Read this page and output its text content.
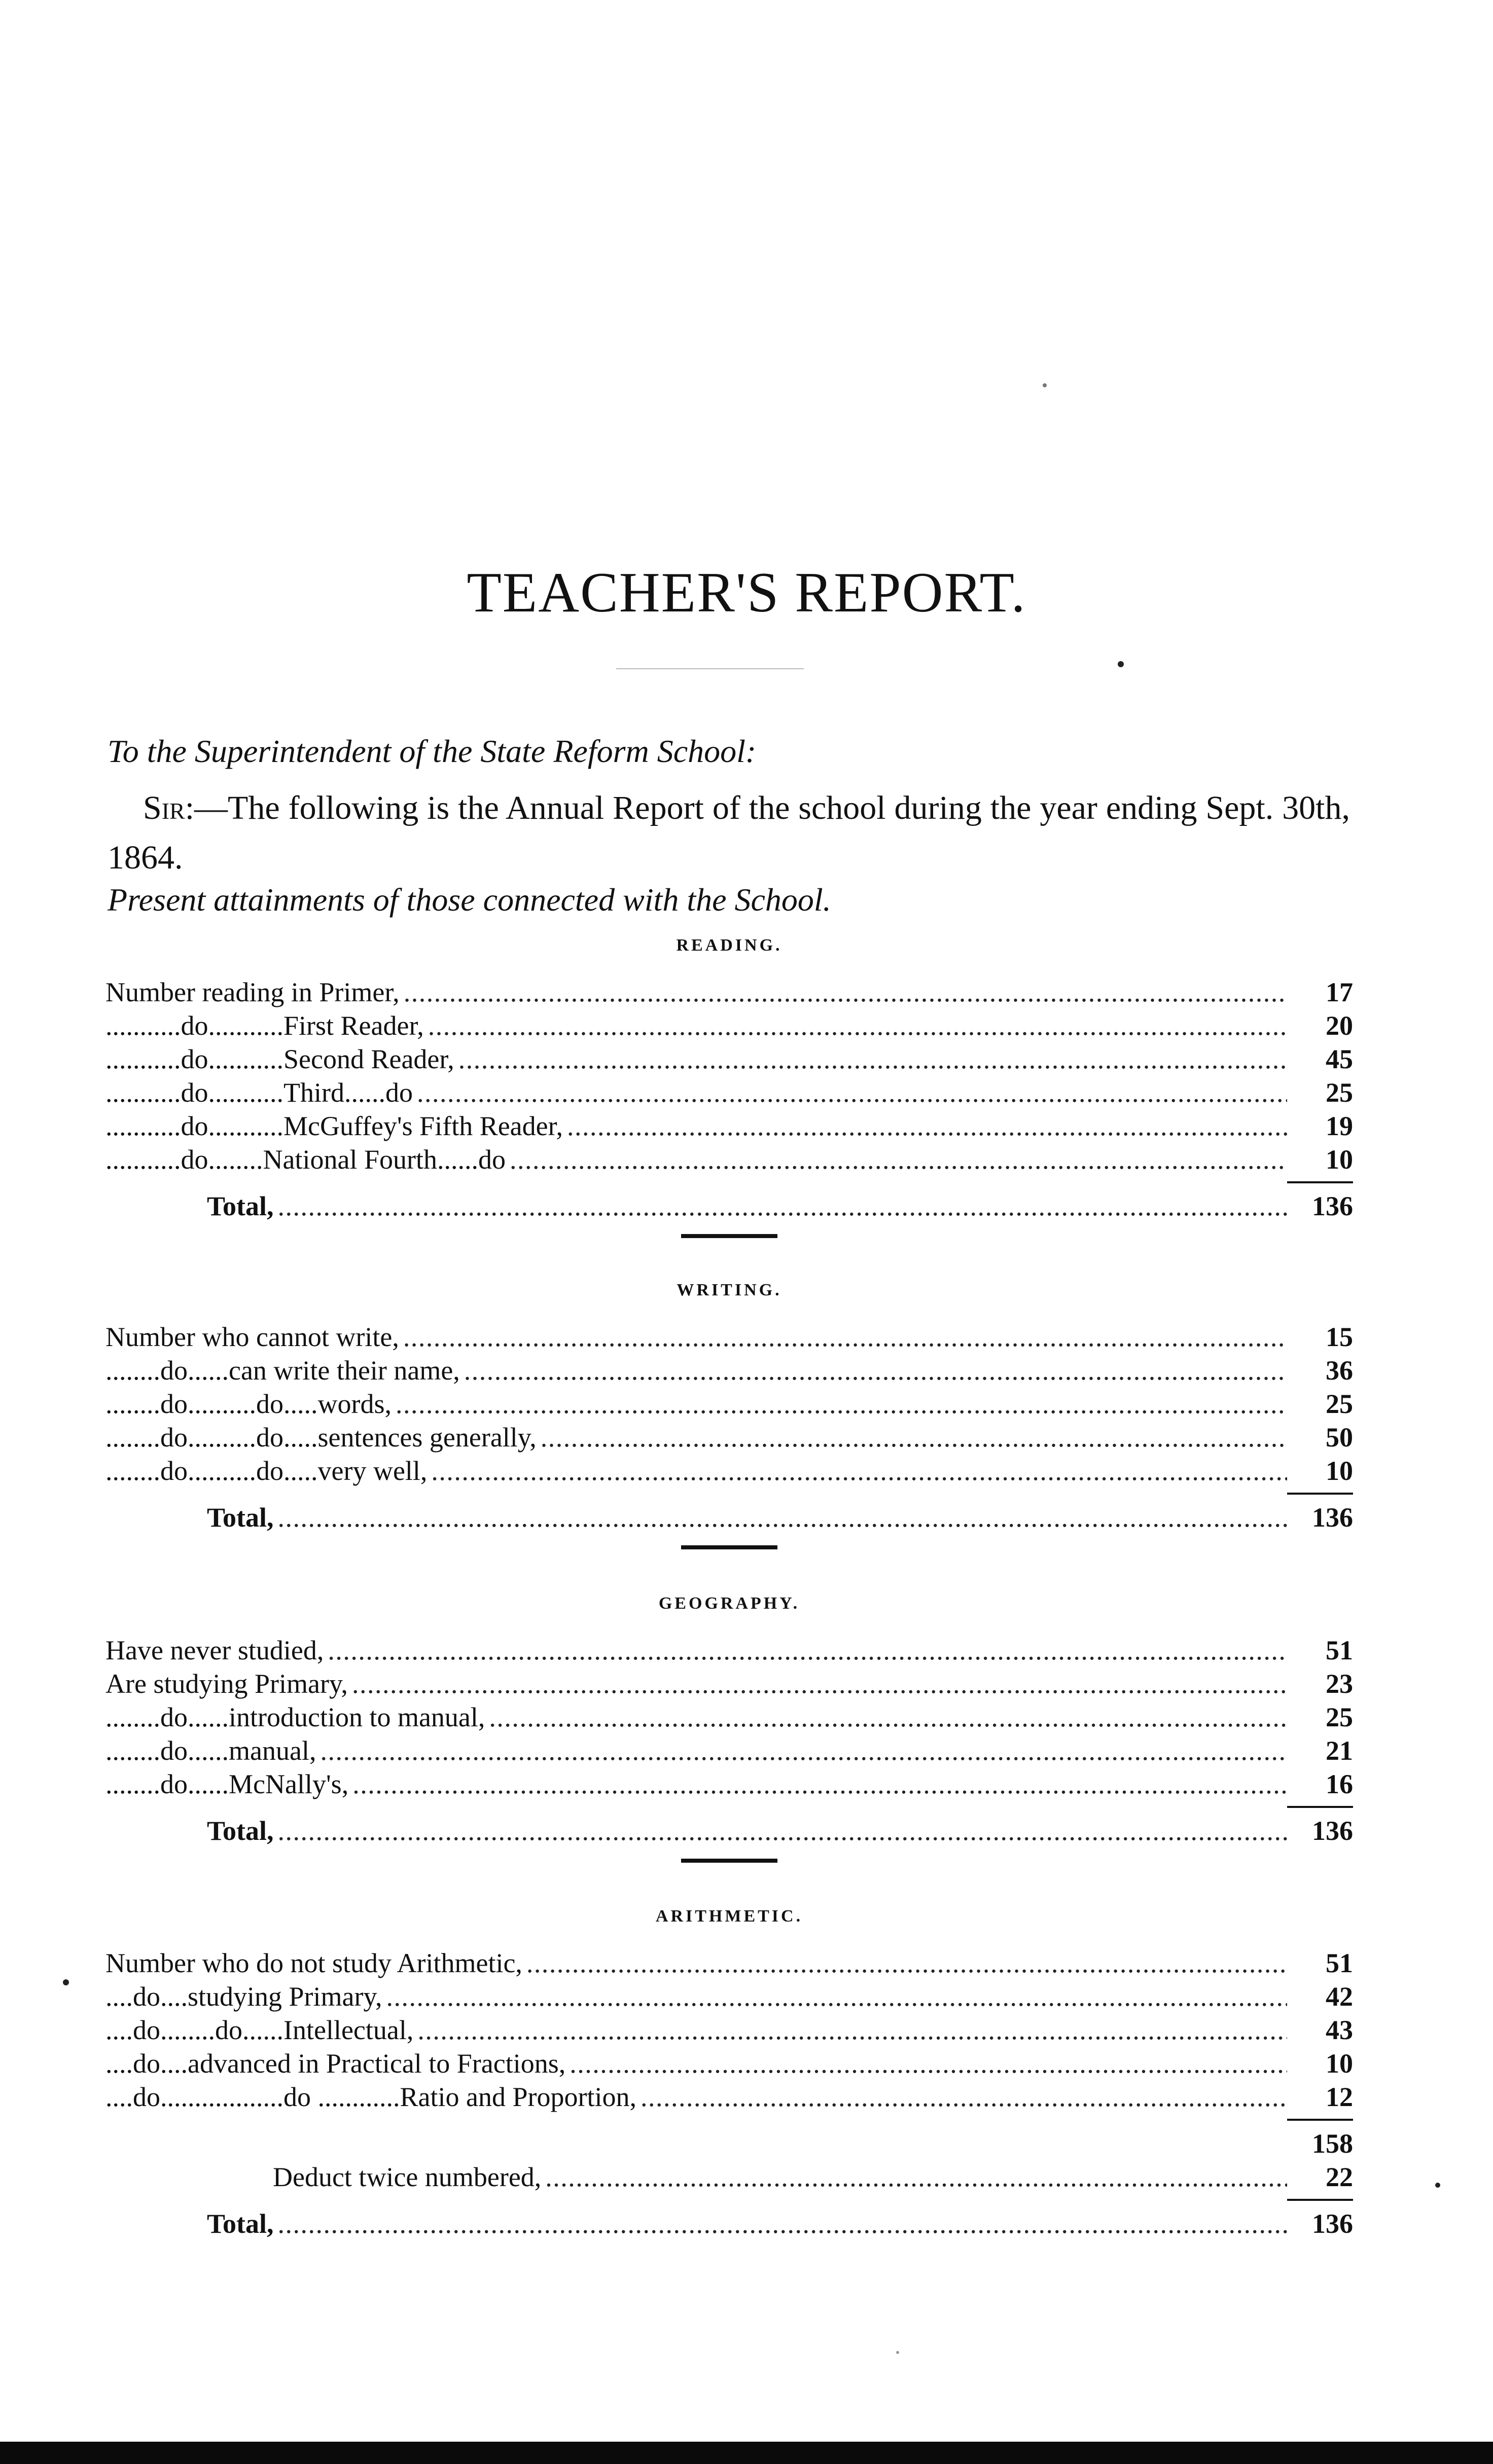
TEACHER'S REPORT.
To the Superintendent of the State Reform School:
Sir:—The following is the Annual Report of the school during the year ending Sept. 30th, 1864.
Present attainments of those connected with the School.
READING.
Number reading in Primer, . . .	17
...........do...........First Reader, . . .	20
...........do...........Second Reader, . . .	45
...........do...........Third......do . . .	25
...........do...........McGuffey's Fifth Reader, . . .	19
...........do........National Fourth......do . . .	10
Total, . . .	136
WRITING.
Number who cannot write, . . .	15
........do......can write their name, . . .	36
........do..........do.....words, . . .	25
........do..........do.....sentences generally, . . .	50
........do..........do.....very well, . . .	10
Total, . . .	136
GEOGRAPHY.
Have never studied, . . .	51
Are studying Primary, . . .	23
........do......introduction to manual, . . .	25
........do......manual, . . .	21
........do......McNally's, . . .	16
Total, . . .	136
ARITHMETIC.
Number who do not study Arithmetic, . . .	51
....do....studying Primary, . . .	42
....do........do......Intellectual, . . .	43
....do....advanced in Practical to Fractions, . . .	10
....do..................do ............Ratio and Proportion, . . .	12
158
Deduct twice numbered, . . .	22
Total, . . .	136
